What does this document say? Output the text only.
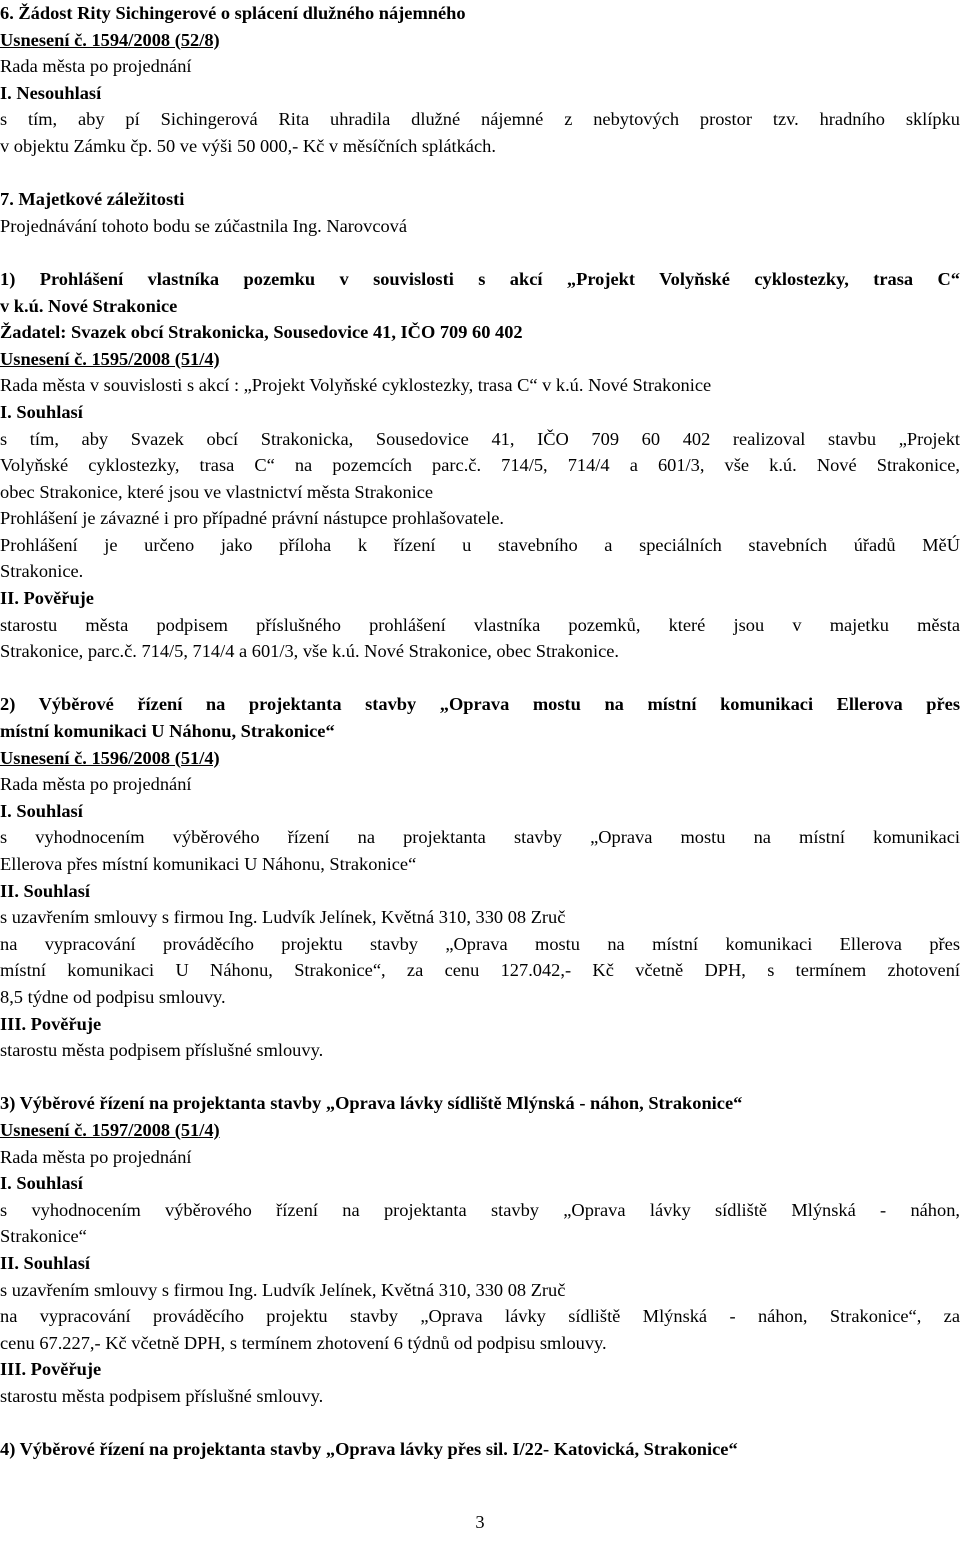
6. Žádost Rity Sichingerové o splácení dlužného nájemného

Usnesení č. 1594/2008 (52/8)

Rada města po projednání

I. Nesouhlasí

s tím, aby pí Sichingerová Rita uhradila dlužné nájemné z nebytových prostor tzv. hradního sklípku

v objektu Zámku čp. 50 ve výši 50 000,- Kč v měsíčních splátkách.

7. Majetkové záležitosti

Projednávání tohoto bodu se zúčastnila Ing. Narovcová

1) Prohlášení vlastníka pozemku v souvislosti s akcí „Projekt Volyňské cyklostezky, trasa C“

v k.ú. Nové Strakonice

Žadatel: Svazek obcí Strakonicka, Sousedovice 41, IČO 709 60 402

Usnesení č. 1595/2008 (51/4)

Rada města v souvislosti s akcí : „Projekt Volyňské cyklostezky, trasa C“ v k.ú. Nové Strakonice

I. Souhlasí

s tím, aby Svazek obcí Strakonicka, Sousedovice 41, IČO 709 60 402 realizoval stavbu „Projekt

Volyňské cyklostezky, trasa C“ na pozemcích parc.č. 714/5, 714/4 a 601/3, vše k.ú. Nové Strakonice,

obec Strakonice, které jsou ve vlastnictví města Strakonice

Prohlášení je závazné i pro případné právní nástupce prohlašovatele.

Prohlášení je určeno jako příloha k řízení u stavebního a speciálních stavebních úřadů MěÚ

Strakonice.

II. Pověřuje

starostu města podpisem příslušného prohlášení vlastníka pozemků, které jsou v majetku města

Strakonice, parc.č. 714/5, 714/4 a 601/3, vše k.ú. Nové Strakonice, obec Strakonice.

2) Výběrové řízení na projektanta stavby „Oprava mostu na místní komunikaci Ellerova přes

místní komunikaci U Náhonu, Strakonice“

Usnesení č. 1596/2008 (51/4)

Rada města po projednání

I. Souhlasí

s vyhodnocením výběrového řízení na projektanta stavby „Oprava mostu na místní komunikaci

Ellerova přes místní komunikaci U Náhonu, Strakonice“

II. Souhlasí

s uzavřením smlouvy s firmou Ing. Ludvík Jelínek, Květná 310, 330 08 Zruč

na vypracování prováděcího projektu stavby „Oprava mostu na místní komunikaci Ellerova přes

místní komunikaci U Náhonu, Strakonice“, za cenu 127.042,- Kč včetně DPH, s termínem zhotovení

8,5 týdne od podpisu smlouvy.

III. Pověřuje

starostu města podpisem příslušné smlouvy.

3) Výběrové řízení na projektanta stavby „Oprava lávky sídliště Mlýnská - náhon, Strakonice“

Usnesení č. 1597/2008 (51/4)

Rada města po projednání

I. Souhlasí

s vyhodnocením výběrového řízení na projektanta stavby „Oprava lávky sídliště Mlýnská - náhon,

Strakonice“

II. Souhlasí

s uzavřením smlouvy s firmou Ing. Ludvík Jelínek, Květná 310, 330 08 Zruč

na vypracování prováděcího projektu stavby „Oprava lávky sídliště Mlýnská - náhon, Strakonice“, za

cenu 67.227,- Kč včetně DPH, s termínem zhotovení 6 týdnů od podpisu smlouvy.

III. Pověřuje

starostu města podpisem příslušné smlouvy.

4) Výběrové řízení na projektanta stavby „Oprava lávky přes sil. I/22- Katovická, Strakonice“

3
